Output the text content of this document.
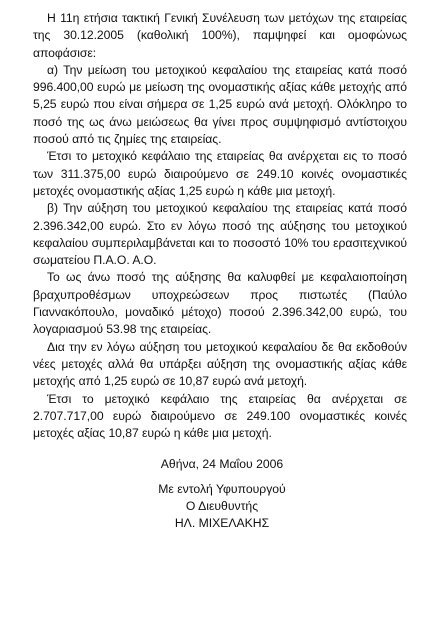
Η 11η ετήσια τακτική Γενική Συνέλευση των μετόχων της εταιρείας της 30.12.2005 (καθολική 100%), παμψηφεί και ομοφώνως αποφάσισε:

α) Την μείωση του μετοχικού κεφαλαίου της εταιρείας κατά ποσό 996.400,00 ευρώ με μείωση της ονομαστικής αξίας κάθε μετοχής από 5,25 ευρώ που είναι σήμερα σε 1,25 ευρώ ανά μετοχή. Ολόκληρο το ποσό της ως άνω μειώσεως θα γίνει προς συμψηφισμό αντίστοιχου ποσού από τις ζημίες της εταιρείας.

Έτσι το μετοχικό κεφάλαιο της εταιρείας θα ανέρχεται εις το ποσό των 311.375,00 ευρώ διαιρούμενο σε 249.10 κοινές ονομαστικές μετοχές ονομαστικής αξίας 1,25 ευρώ η κάθε μια μετοχή.

β) Την αύξηση του μετοχικού κεφαλαίου της εταιρείας κατά ποσό 2.396.342,00 ευρώ. Στο εν λόγω ποσό της αύξησης του μετοχικού κεφαλαίου συμπεριλαμβάνεται και το ποσοστό 10% του ερασιτεχνικού σωματείου Π.Α.Ο. Α.Ο.

Το ως άνω ποσό της αύξησης θα καλυφθεί με κεφαλαιοποίηση βραχυπροθέσμων υποχρεώσεων προς πιστωτές (Παύλο Γιαννακόπουλο, μοναδικό μέτοχο) ποσού 2.396.342,00 ευρώ, του λογαριασμού 53.98 της εταιρείας.

Δια την εν λόγω αύξηση του μετοχικού κεφαλαίου δε θα εκδοθούν νέες μετοχές αλλά θα υπάρξει αύξηση της ονομαστικής αξίας κάθε μετοχής από 1,25 ευρώ σε 10,87 ευρώ ανά μετοχή.

Έτσι το μετοχικό κεφάλαιο της εταιρείας θα ανέρχεται σε 2.707.717,00 ευρώ διαιρούμενο σε 249.100 ονομαστικές κοινές μετοχές αξίας 10,87 ευρώ η κάθε μια μετοχή.

Αθήνα, 24 Μαΐου 2006

Με εντολή Υφυπουργού

Ο Διευθυντής

ΗΛ. ΜΙΧΕΛΑΚΗΣ
